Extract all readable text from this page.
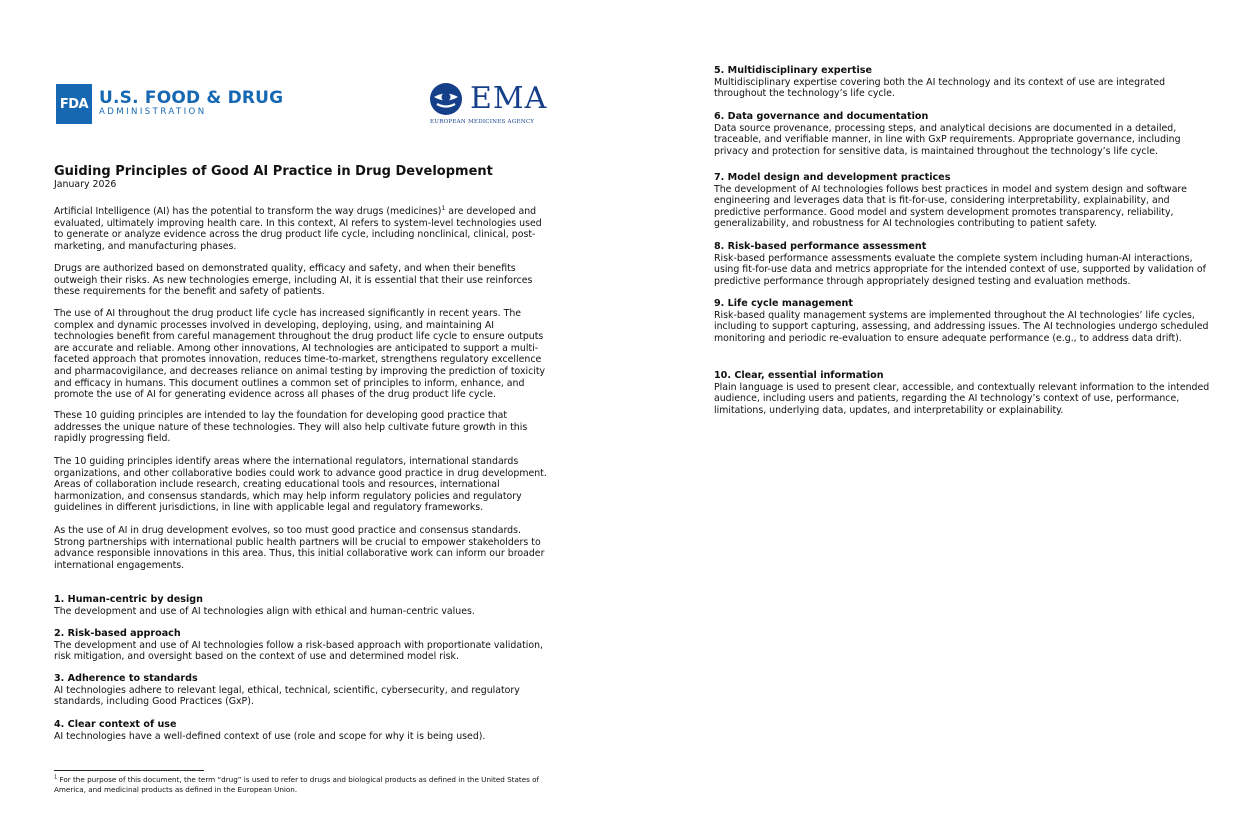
FDA U.S. FOOD & DRUG
ADMINISTRATION	EMA
EUROPEAN MEDICINES AGENCY

Guiding Principles of Good AI Practice in Drug Development

January 2026

Artificial Intelligence (AI) has the potential to transform the way drugs (medicines)$^1$ are developed and evaluated, ultimately improving health care. In this context, AI refers to system-level technologies used to generate or analyze evidence across the drug product life cycle, including nonclinical, clinical, post-marketing, and manufacturing phases.

Drugs are authorized based on demonstrated quality, efficacy and safety, and when their benefits outweigh their risks. As new technologies emerge, including AI, it is essential that their use reinforces these requirements for the benefit and safety of patients.

The use of AI throughout the drug product life cycle has increased significantly in recent years. The complex and dynamic processes involved in developing, deploying, using, and maintaining AI technologies benefit from careful management throughout the drug product life cycle to ensure outputs are accurate and reliable. Among other innovations, AI technologies are anticipated to support a multi-faceted approach that promotes innovation, reduces time-to-market, strengthens regulatory excellence and pharmacovigilance, and decreases reliance on animal testing by improving the prediction of toxicity and efficacy in humans. This document outlines a common set of principles to inform, enhance, and promote the use of AI for generating evidence across all phases of the drug product life cycle.

These 10 guiding principles are intended to lay the foundation for developing good practice that addresses the unique nature of these technologies. They will also help cultivate future growth in this rapidly progressing field.

The 10 guiding principles identify areas where the international regulators, international standards organizations, and other collaborative bodies could work to advance good practice in drug development. Areas of collaboration include research, creating educational tools and resources, international harmonization, and consensus standards, which may help inform regulatory policies and regulatory guidelines in different jurisdictions, in line with applicable legal and regulatory frameworks.

As the use of AI in drug development evolves, so too must good practice and consensus standards. Strong partnerships with international public health partners will be crucial to empower stakeholders to advance responsible innovations in this area. Thus, this initial collaborative work can inform our broader international engagements.

1. Human-centric by design

The development and use of AI technologies align with ethical and human-centric values.

2. Risk-based approach

The development and use of AI technologies follow a risk-based approach with proportionate validation, risk mitigation, and oversight based on the context of use and determined model risk.

3. Adherence to standards

AI technologies adhere to relevant legal, ethical, technical, scientific, cybersecurity, and regulatory standards, including Good Practices (GxP).

4. Clear context of use

AI technologies have a well-defined context of use (role and scope for why it is being used).

$^1$ For the purpose of this document, the term “drug” is used to refer to drugs and biological products as defined in the United States of America, and medicinal products as defined in the European Union.

5. Multidisciplinary expertise

Multidisciplinary expertise covering both the AI technology and its context of use are integrated throughout the technology’s life cycle.

6. Data governance and documentation

Data source provenance, processing steps, and analytical decisions are documented in a detailed, traceable, and verifiable manner, in line with GxP requirements. Appropriate governance, including privacy and protection for sensitive data, is maintained throughout the technology’s life cycle.

7. Model design and development practices

The development of AI technologies follows best practices in model and system design and software engineering and leverages data that is fit-for-use, considering interpretability, explainability, and predictive performance. Good model and system development promotes transparency, reliability, generalizability, and robustness for AI technologies contributing to patient safety.

8. Risk-based performance assessment

Risk-based performance assessments evaluate the complete system including human-AI interactions, using fit-for-use data and metrics appropriate for the intended context of use, supported by validation of predictive performance through appropriately designed testing and evaluation methods.

9. Life cycle management

Risk-based quality management systems are implemented throughout the AI technologies’ life cycles, including to support capturing, assessing, and addressing issues. The AI technologies undergo scheduled monitoring and periodic re-evaluation to ensure adequate performance (e.g., to address data drift).

10. Clear, essential information

Plain language is used to present clear, accessible, and contextually relevant information to the intended audience, including users and patients, regarding the AI technology’s context of use, performance, limitations, underlying data, updates, and interpretability or explainability.
